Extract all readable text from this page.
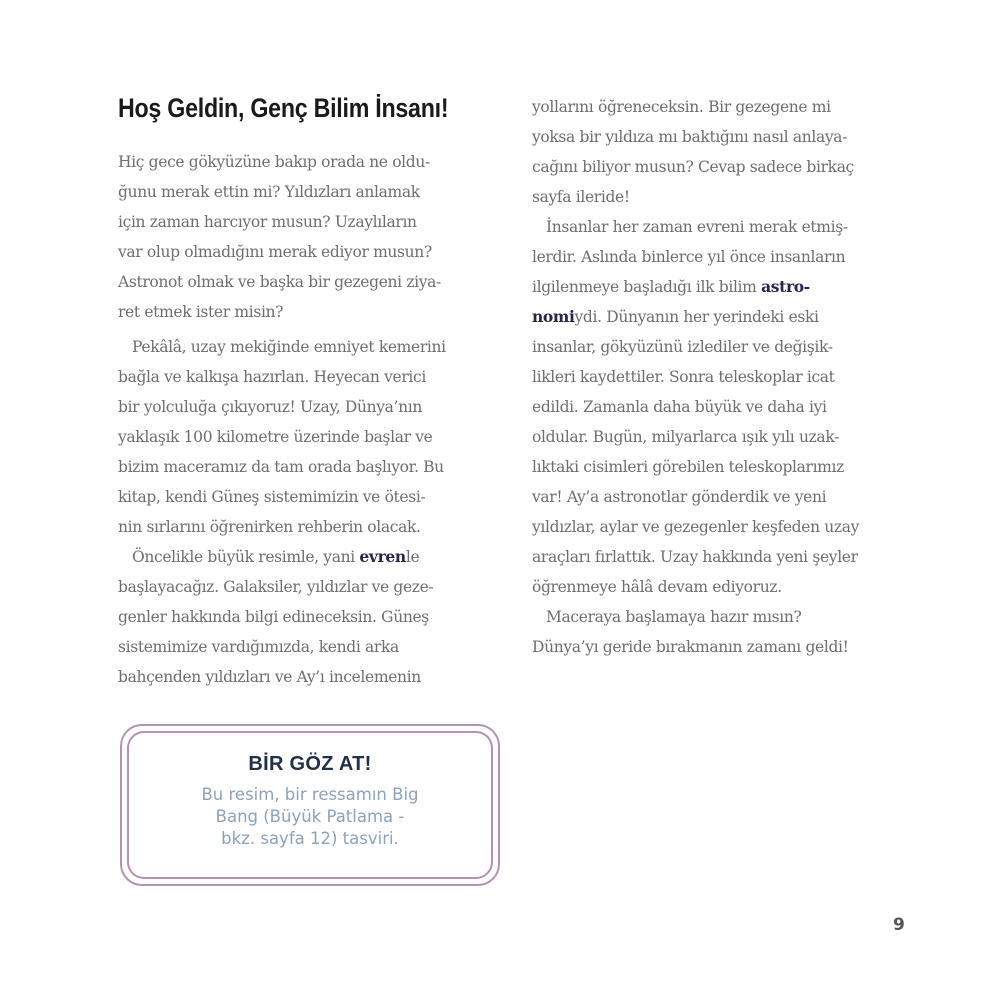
Hoş Geldin, Genç Bilim İnsanı!

Hiç gece gökyüzüne bakıp orada ne oldu-
ğunu merak ettin mi? Yıldızları anlamak
için zaman harcıyor musun? Uzaylıların
var olup olmadığını merak ediyor musun?
Astronot olmak ve başka bir gezegeni ziya-
ret etmek ister misin?

Pekâlâ, uzay mekiğinde emniyet kemerini
bağla ve kalkışa hazırlan. Heyecan verici
bir yolculuğa çıkıyoruz! Uzay, Dünya’nın
yaklaşık 100 kilometre üzerinde başlar ve
bizim maceramız da tam orada başlıyor. Bu
kitap, kendi Güneş sistemimizin ve ötesi-
nin sırlarını öğrenirken rehberin olacak.

Öncelikle büyük resimle, yani evrenle
başlayacağız. Galaksiler, yıldızlar ve geze-
genler hakkında bilgi edineceksin. Güneş
sistemimize vardığımızda, kendi arka
bahçenden yıldızları ve Ay’ı incelemenin

yollarını öğreneceksin. Bir gezegene mi
yoksa bir yıldıza mı baktığını nasıl anlaya-
cağını biliyor musun? Cevap sadece birkaç
sayfa ileride!

İnsanlar her zaman evreni merak etmiş-
lerdir. Aslında binlerce yıl önce insanların
ilgilenmeye başladığı ilk bilim astro-
nomiydi. Dünyanın her yerindeki eski
insanlar, gökyüzünü izlediler ve değişik-
likleri kaydettiler. Sonra teleskoplar icat
edildi. Zamanla daha büyük ve daha iyi
oldular. Bugün, milyarlarca ışık yılı uzak-
lıktaki cisimleri görebilen teleskoplarımız
var! Ay’a astronotlar gönderdik ve yeni
yıldızlar, aylar ve gezegenler keşfeden uzay
araçları fırlattık. Uzay hakkında yeni şeyler
öğrenmeye hâlâ devam ediyoruz.

Maceraya başlamaya hazır mısın?
Dünya’yı geride bırakmanın zamanı geldi!

BİR GÖZ AT!

Bu resim, bir ressamın Big
Bang (Büyük Patlama -
bkz. sayfa 12) tasviri.

9
